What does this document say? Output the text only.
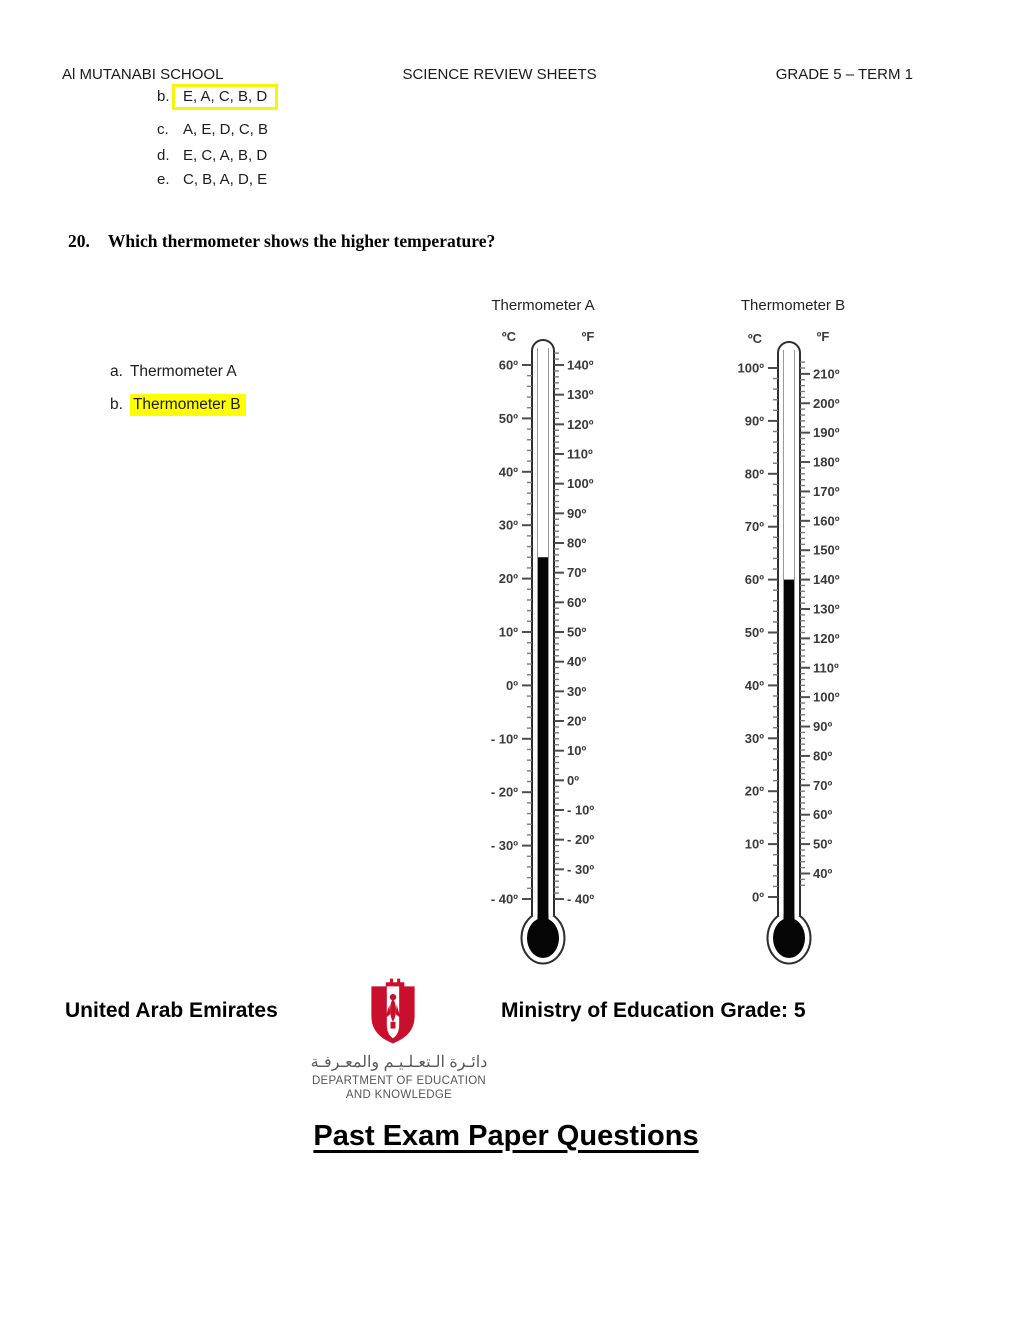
Al MUTANABI SCHOOL	SCIENCE REVIEW SHEETS	GRADE 5 – TERM 1
b. E, A, C, B, D
c. A, E, D, C, B
d. E, C, A, B, D
e. C, B, A, D, E
20. Which thermometer shows the higher temperature?
a. Thermometer A
b. Thermometer B
Thermometer A	Thermometer B
ºC	ºF	ºC	ºF
60º
50º
40º
30º
20º
10º
0º
- 10º
- 20º
- 30º
- 40º
140º
130º
120º
110º
100º
90º
80º
70º
60º
50º
40º
30º
20º
10º
0º
- 10º
- 20º
- 30º
- 40º
100º
90º
80º
70º
60º
50º
40º
30º
20º
10º
0º
210º
200º
190º
180º
170º
160º
150º
140º
130º
120º
110º
100º
90º
80º
70º
60º
50º
40º
United Arab Emirates	Ministry of Education Grade: 5
دائـرة الـتعـلـيـم والمعـرفـة
DEPARTMENT OF EDUCATION
AND KNOWLEDGE
Past Exam Paper Questions
